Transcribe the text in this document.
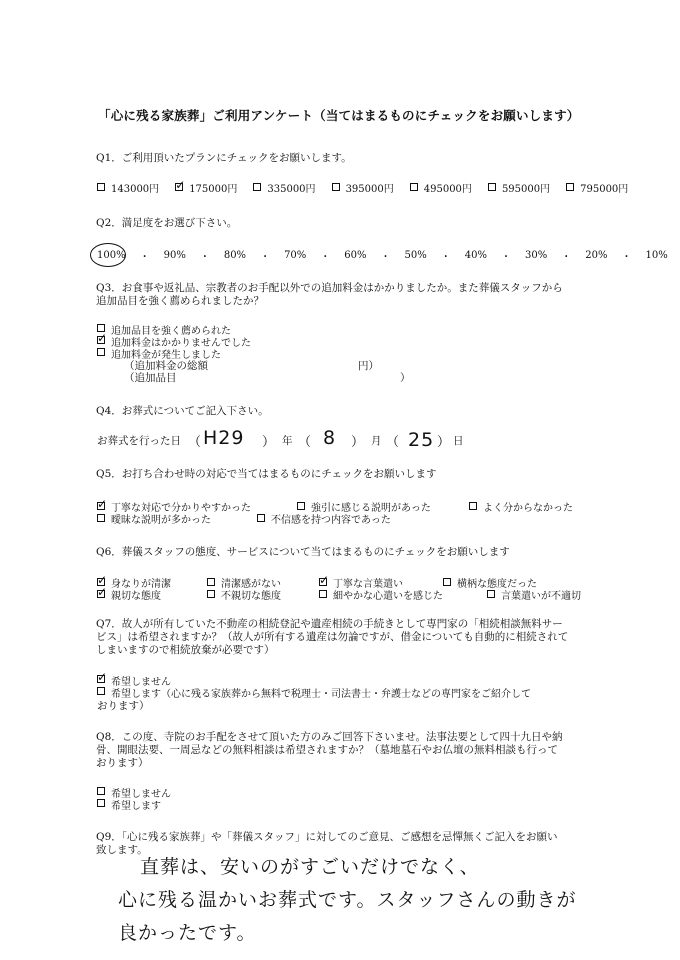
「心に残る家族葬」ご利用アンケート（当てはまるものにチェックをお願いします）
Q1．ご利用頂いたプランにチェックをお願いします。
143000円 ✓	175000円	335000円	395000円	495000円	595000円	795000円
Q2．満足度をお選び下さい。
100%	・	90%	・	80%	・	70%	・	60%	・	50%	・	40%	・	30%	・	20%	・	10%
Q3．お食事や返礼品、宗教者のお手配以外での追加料金はかかりましたか。また葬儀スタッフから
追加品目を強く薦められましたか？
追加品目を強く薦められた
✓
追加料金はかかりませんでした
追加料金が発生しました
（追加料金の総額	円）
（追加品目	）
Q4．お葬式についてご記入下さい。
お葬式を行った日 （ H29 ） 年 （ 8 ） 月 （ 25 ） 日
Q5．お打ち合わせ時の対応で当てはまるものにチェックをお願いします
✓
丁寧な対応で分かりやすかった	強引に感じる説明があった	よく分からなかった
曖昧な説明が多かった	不信感を持つ内容であった
Q6．葬儀スタッフの態度、サービスについて当てはまるものにチェックをお願いします
✓
身なりが清潔	清潔感がない ✓	丁寧な言葉遣い	横柄な態度だった
✓
親切な態度	不親切な態度	細やかな心遣いを感じた	言葉遣いが不適切
Q7．故人が所有していた不動産の相続登記や遺産相続の手続きとして専門家の「相続相談無料サー
ビス」は希望されますか？（故人が所有する遺産は勿論ですが、借金についても自動的に相続されて
しまいますので相続放棄が必要です）
✓
希望しません
希望します（心に残る家族葬から無料で税理士・司法書士・弁護士などの専門家をご紹介して
おります）
Q8．この度、寺院のお手配をさせて頂いた方のみご回答下さいませ。法事法要として四十九日や納
骨、開眼法要、一周忌などの無料相談は希望されますか？（墓地墓石やお仏壇の無料相談も行って
おります）
希望しません
希望します
Q9．「心に残る家族葬」や「葬儀スタッフ」に対してのご意見、ご感想を忌憚無くご記入をお願い
致します。
直葬は、安いのがすごいだけでなく、
心に残る温かいお葬式です。スタッフさんの動きが
良かったです。
